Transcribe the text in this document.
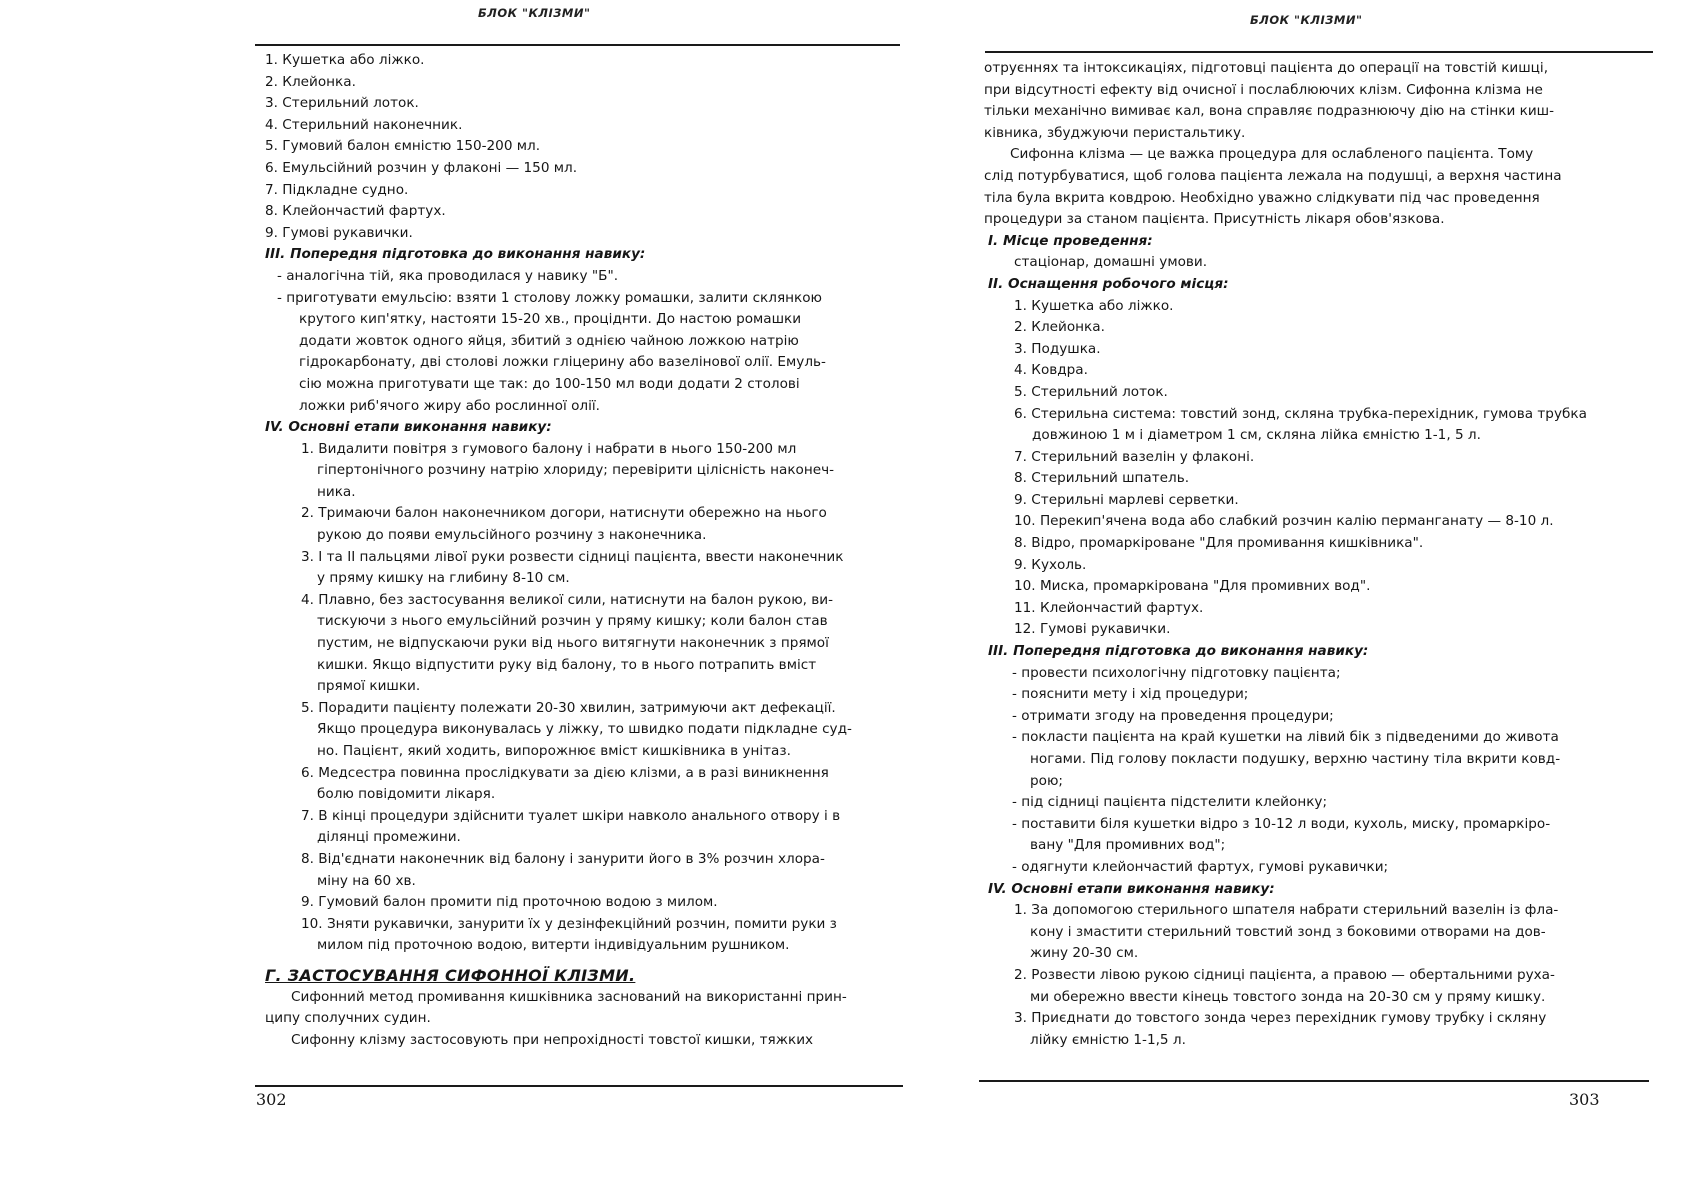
БЛОК "КЛІЗМИ"
1. Кушетка або ліжко.
2. Клейонка.
3. Стерильний лоток.
4. Стерильний наконечник.
5. Гумовий балон ємністю 150-200 мл.
6. Емульсійний розчин у флаконі — 150 мл.
7. Підкладне судно.
8. Клейончастий фартух.
9. Гумові рукавички.
III. Попередня підготовка до виконання навику:
- аналогічна тій, яка проводилася у навику "Б".
- приготувати емульсію: взяти 1 столову ложку ромашки, залити склянкою
крутого кип'ятку, настояти 15-20 хв., проціднти. До настою ромашки
додати жовток одного яйця, збитий з однією чайною ложкою натрію
гідрокарбонату, дві столові ложки гліцерину або вазелінової олії. Емуль-
сію можна приготувати ще так: до 100-150 мл води додати 2 столові
ложки риб'ячого жиру або рослинної олії.
IV. Основні етапи виконання навику:
1. Видалити повітря з гумового балону і набрати в нього 150-200 мл
гіпертонічного розчину натрію хлориду; перевірити цілісність наконеч-
ника.
2. Тримаючи балон наконечником догори, натиснути обережно на нього
рукою до появи емульсійного розчину з наконечника.
3. I та II пальцями лівої руки розвести сідниці пацієнта, ввести наконечник
у пряму кишку на глибину 8-10 см.
4. Плавно, без застосування великої сили, натиснути на балон рукою, ви-
тискуючи з нього емульсійний розчин у пряму кишку; коли балон став
пустим, не відпускаючи руки від нього витягнути наконечник з прямої
кишки. Якщо відпустити руку від балону, то в нього потрапить вміст
прямої кишки.
5. Порадити пацієнту полежати 20-30 хвилин, затримуючи акт дефекації.
Якщо процедура виконувалась у ліжку, то швидко подати підкладне суд-
но. Пацієнт, який ходить, випорожнює вміст кишківника в унітаз.
6. Медсестра повинна прослідкувати за дією клізми, а в разі виникнення
болю повідомити лікаря.
7. В кінці процедури здійснити туалет шкіри навколо анального отвору і в
ділянці промежини.
8. Від'єднати наконечник від балону і занурити його в 3% розчин хлора-
міну на 60 хв.
9. Гумовий балон промити під проточною водою з милом.
10. Зняти рукавички, занурити їх у дезінфекційний розчин, помити руки з
милом під проточною водою, витерти індивідуальним рушником.
Г. ЗАСТОСУВАННЯ СИФОННОЇ КЛІЗМИ.
Сифонний метод промивання кишківника заснований на використанні прин-
ципу сполучних судин.
Сифонну клізму застосовують при непрохідності товстої кишки, тяжких
302
БЛОК "КЛІЗМИ"
отруєннях та інтоксикаціях, підготовці пацієнта до операції на товстій кишці,
при відсутності ефекту від очисної і послаблюючих клізм. Сифонна клізма не
тільки механічно вимиває кал, вона справляє подразнюючу дію на стінки киш-
ківника, збуджуючи перистальтику.
Сифонна клізма — це важка процедура для ослабленого пацієнта. Тому
слід потурбуватися, щоб голова пацієнта лежала на подушці, а верхня частина
тіла була вкрита ковдрою. Необхідно уважно слідкувати під час проведення
процедури за станом пацієнта. Присутність лікаря обов'язкова.
I. Місце проведення:
стаціонар, домашні умови.
II. Оснащення робочого місця:
1. Кушетка або ліжко.
2. Клейонка.
3. Подушка.
4. Ковдра.
5. Стерильний лоток.
6. Стерильна система: товстий зонд, скляна трубка-перехідник, гумова трубка
довжиною 1 м і діаметром 1 см, скляна лійка ємністю 1-1, 5 л.
7. Стерильний вазелін у флаконі.
8. Стерильний шпатель.
9. Стерильні марлеві серветки.
10. Перекип'ячена вода або слабкий розчин калію перманганату — 8-10 л.
8. Відро, промаркіроване "Для промивання кишківника".
9. Кухоль.
10. Миска, промаркірована "Для промивних вод".
11. Клейончастий фартух.
12. Гумові рукавички.
III. Попередня підготовка до виконання навику:
- провести психологічну підготовку пацієнта;
- пояснити мету і хід процедури;
- отримати згоду на проведення процедури;
- покласти пацієнта на край кушетки на лівий бік з підведеними до живота
ногами. Під голову покласти подушку, верхню частину тіла вкрити ковд-
рою;
- під сідниці пацієнта підстелити клейонку;
- поставити біля кушетки відро з 10-12 л води, кухоль, миску, промаркіро-
вану "Для промивних вод";
- одягнути клейончастий фартух, гумові рукавички;
IV. Основні етапи виконання навику:
1. За допомогою стерильного шпателя набрати стерильний вазелін із фла-
кону і змастити стерильний товстий зонд з боковими отворами на дов-
жину 20-30 см.
2. Розвести лівою рукою сідниці пацієнта, а правою — обертальними руха-
ми обережно ввести кінець товстого зонда на 20-30 см у пряму кишку.
3. Приєднати до товстого зонда через перехідник гумову трубку і скляну
лійку ємністю 1-1,5 л.
303
